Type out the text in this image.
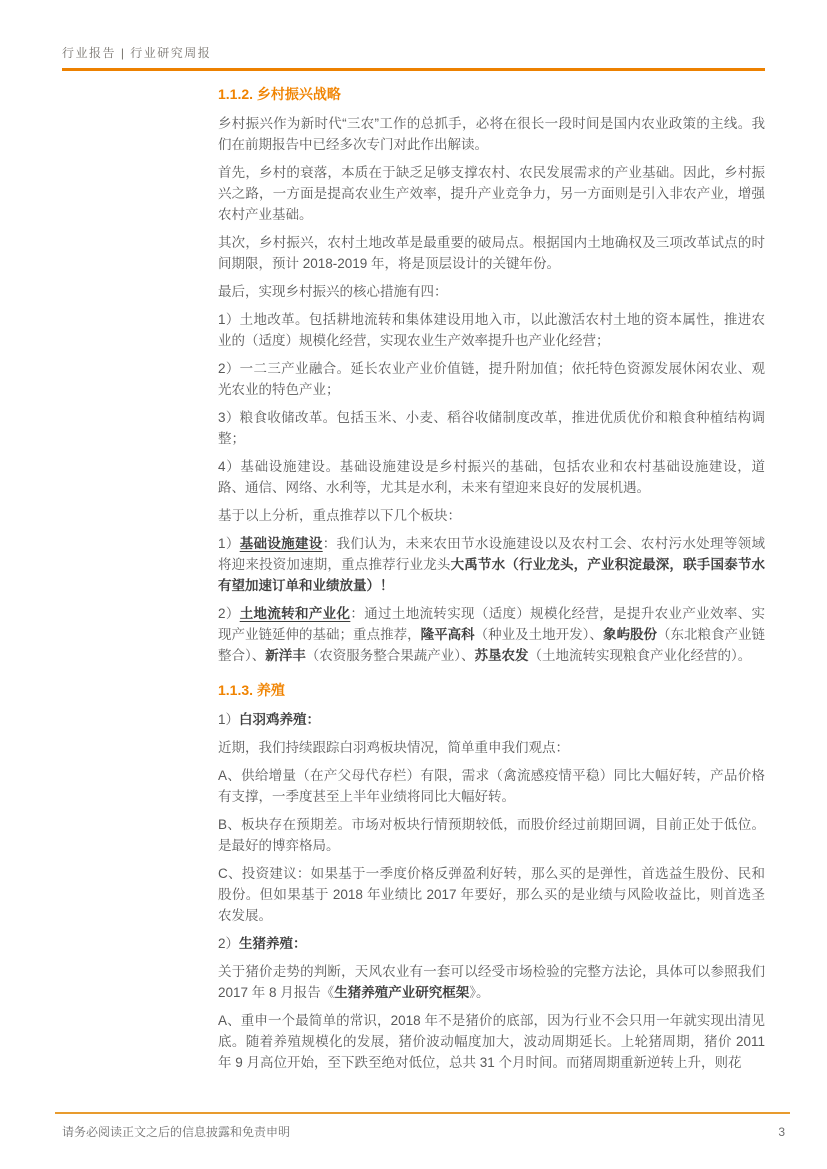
行业报告 | 行业研究周报
1.1.2. 乡村振兴战略

乡村振兴作为新时代“三农”工作的总抓手，必将在很长一段时间是国内农业政策的主线。我们在前期报告中已经多次专门对此作出解读。

首先，乡村的衰落，本质在于缺乏足够支撑农村、农民发展需求的产业基础。因此，乡村振兴之路，一方面是提高农业生产效率，提升产业竞争力，另一方面则是引入非农产业，增强农村产业基础。

其次，乡村振兴，农村土地改革是最重要的破局点。根据国内土地确权及三项改革试点的时间期限，预计 2018-2019 年，将是顶层设计的关键年份。

最后，实现乡村振兴的核心措施有四：

1）土地改革。包括耕地流转和集体建设用地入市，以此激活农村土地的资本属性，推进农业的（适度）规模化经营，实现农业生产效率提升也产业化经营；

2）一二三产业融合。延长农业产业价值链，提升附加值；依托特色资源发展休闲农业、观光农业的特色产业；

3）粮食收储改革。包括玉米、小麦、稻谷收储制度改革，推进优质优价和粮食种植结构调整；

4）基础设施建设。基础设施建设是乡村振兴的基础，包括农业和农村基础设施建设，道路、通信、网络、水利等，尤其是水利，未来有望迎来良好的发展机遇。

基于以上分析，重点推荐以下几个板块：

1）基础设施建设：我们认为，未来农田节水设施建设以及农村工会、农村污水处理等领域将迎来投资加速期，重点推荐行业龙头大禹节水（行业龙头，产业积淀最深，联手国泰节水有望加速订单和业绩放量）！

2）土地流转和产业化：通过土地流转实现（适度）规模化经营，是提升农业产业效率、实现产业链延伸的基础；重点推荐，隆平高科（种业及土地开发）、象屿股份（东北粮食产业链整合）、新洋丰（农资服务整合果蔬产业）、苏垦农发（土地流转实现粮食产业化经营的）。

1.1.3. 养殖

1）白羽鸡养殖：

近期，我们持续跟踪白羽鸡板块情况，简单重申我们观点：

A、供给增量（在产父母代存栏）有限，需求（禽流感疫情平稳）同比大幅好转，产品价格有支撑，一季度甚至上半年业绩将同比大幅好转。

B、板块存在预期差。市场对板块行情预期较低，而股价经过前期回调，目前正处于低位。是最好的博弈格局。

C、投资建议：如果基于一季度价格反弹盈利好转，那么买的是弹性，首选益生股份、民和股份。但如果基于 2018 年业绩比 2017 年要好，那么买的是业绩与风险收益比，则首选圣农发展。

2）生猪养殖：

关于猪价走势的判断，天风农业有一套可以经受市场检验的完整方法论，具体可以参照我们 2017 年 8 月报告《生猪养殖产业研究框架》。

A、重申一个最简单的常识，2018 年不是猪价的底部，因为行业不会只用一年就实现出清见底。随着养殖规模化的发展，猪价波动幅度加大，波动周期延长。上轮猪周期，猪价 2011 年 9 月高位开始，至下跌至绝对低位，总共 31 个月时间。而猪周期重新逆转上升，则花

请务必阅读正文之后的信息披露和免责申明	3
